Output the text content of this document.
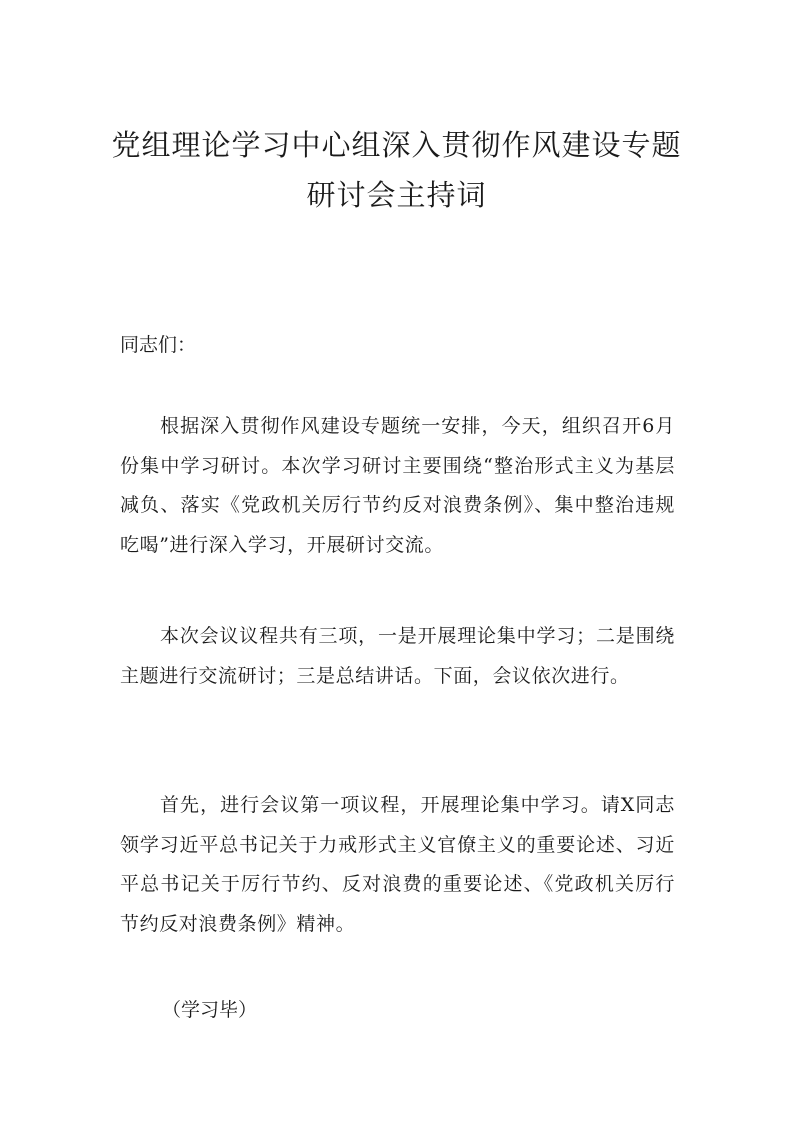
党组理论学习中心组深入贯彻作风建设专题研讨会主持词
同志们：
根据深入贯彻作风建设专题统一安排，今天，组织召开6月份集中学习研讨。本次学习研讨主要围绕“整治形式主义为基层减负、落实《党政机关厉行节约反对浪费条例》、集中整治违规吃喝”进行深入学习，开展研讨交流。
本次会议议程共有三项，一是开展理论集中学习；二是围绕主题进行交流研讨；三是总结讲话。下面，会议依次进行。
首先，进行会议第一项议程，开展理论集中学习。请X同志领学习近平总书记关于力戒形式主义官僚主义的重要论述、习近平总书记关于厉行节约、反对浪费的重要论述、《党政机关厉行节约反对浪费条例》精神。
（学习毕）
